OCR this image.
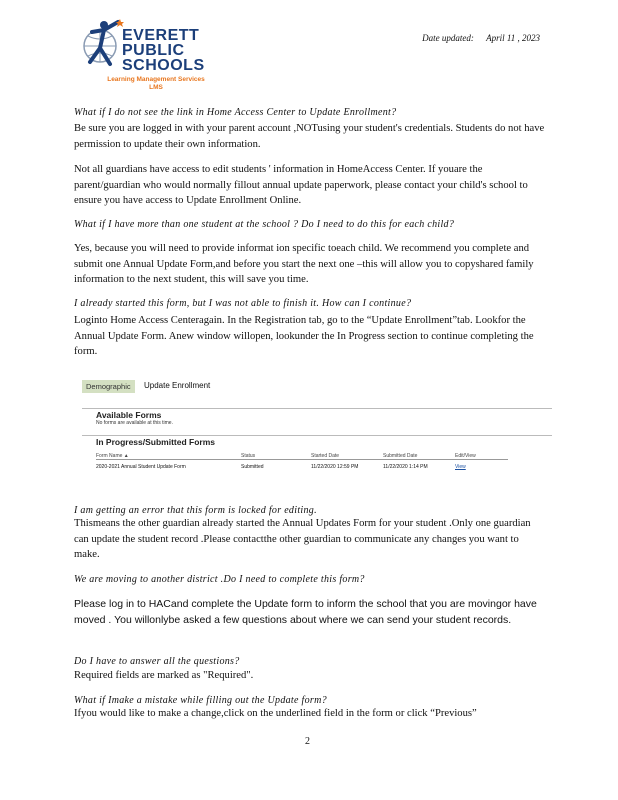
EVERETT
PUBLIC
SCHOOLS
Learning Management Services
LMS
Date updated: April 11 , 2023
What if I do not see the link in Home Access Center to Update Enrollment?
Be sure you are logged in with your parent account ,NOTusing your student's credentials. Students do not have permission to update their own information.
Not all guardians have access to edit students ' information in HomeAccess Center. If youare the parent/guardian who would normally fillout annual update paperwork, please contact your child's school to ensure you have access to Update Enrollment Online.
What if I have more than one student at the school ? Do I need to do this for each child?
Yes, because you will need to provide informat ion specific toeach child. We recommend you complete and submit one Annual Update Form,and before you start the next one –this will allow you to copyshared family information to the next student, this will save you time.
I already started this form, but I was not able to finish it. How can I continue?
Loginto Home Access Centeragain. In the Registration tab, go to the “Update Enrollment”tab. Lookfor the Annual Update Form. Anew window willopen, lookunder the In Progress section to continue completing the form.
Demographic	Update Enrollment
Available Forms
No forms are available at this time.
In Progress/Submitted Forms
Form Name ▲	Status	Started Date	Submitted Date	Edit/View
2020-2021 Annual Student Update Form	Submitted	11/22/2020 12:59 PM	11/22/2020 1:14 PM	View
I am getting an error that this form is locked for editing.
Thismeans the other guardian already started the Annual Updates Form for your student .Only one guardian can update the student record .Please contactthe other guardian to communicate any changes you want to make.
We are moving to another district .Do I need to complete this form?
Please log in to HACand complete the Update form to inform the school that you are movingor have moved . You willonlybe asked a few questions about where we can send your student records.
Do I have to answer all the questions?
Required fields are marked as "Required".
What if Imake a mistake while filling out the Update form?
Ifyou would like to make a change,click on the underlined field in the form or click “Previous”
2
